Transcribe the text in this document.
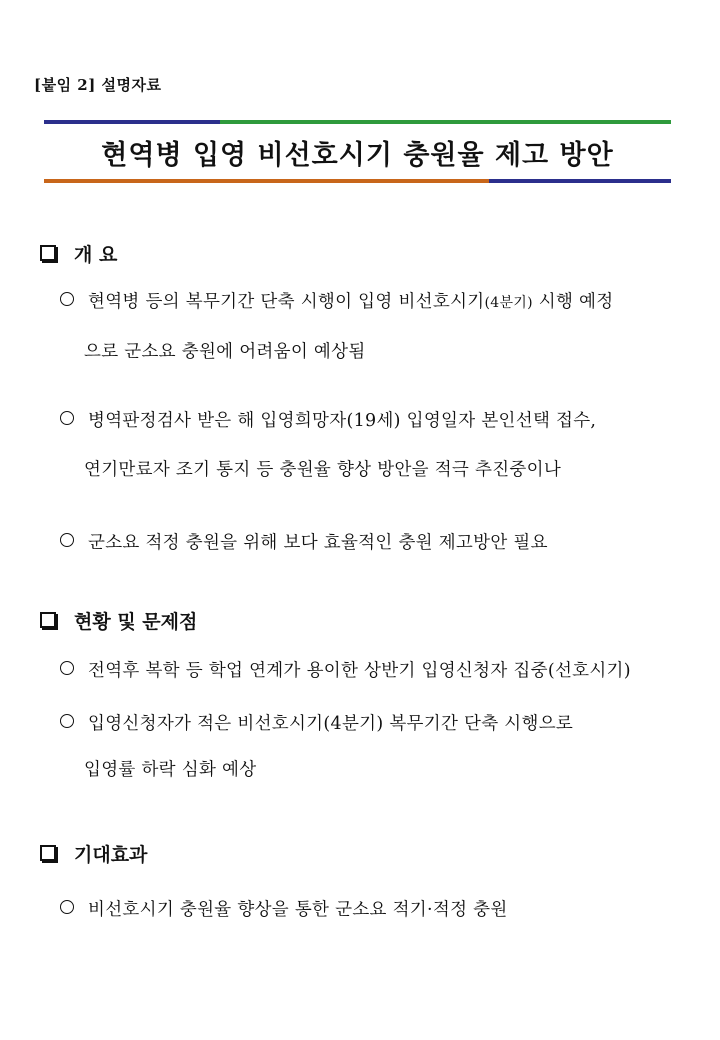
[붙임 2] 설명자료
현역병 입영 비선호시기 충원율 제고 방안
개 요
현역병 등의 복무기간 단축 시행이 입영 비선호시기(4분기) 시행 예정
으로 군소요 충원에 어려움이 예상됨
병역판정검사 받은 해 입영희망자(19세) 입영일자 본인선택 접수,
연기만료자 조기 통지 등 충원율 향상 방안을 적극 추진중이나
군소요 적정 충원을 위해 보다 효율적인 충원 제고방안 필요
현황 및 문제점
전역후 복학 등 학업 연계가 용이한 상반기 입영신청자 집중(선호시기)
입영신청자가 적은 비선호시기(4분기) 복무기간 단축 시행으로
입영률 하락 심화 예상
기대효과
비선호시기 충원율 향상을 통한 군소요 적기·적정 충원
